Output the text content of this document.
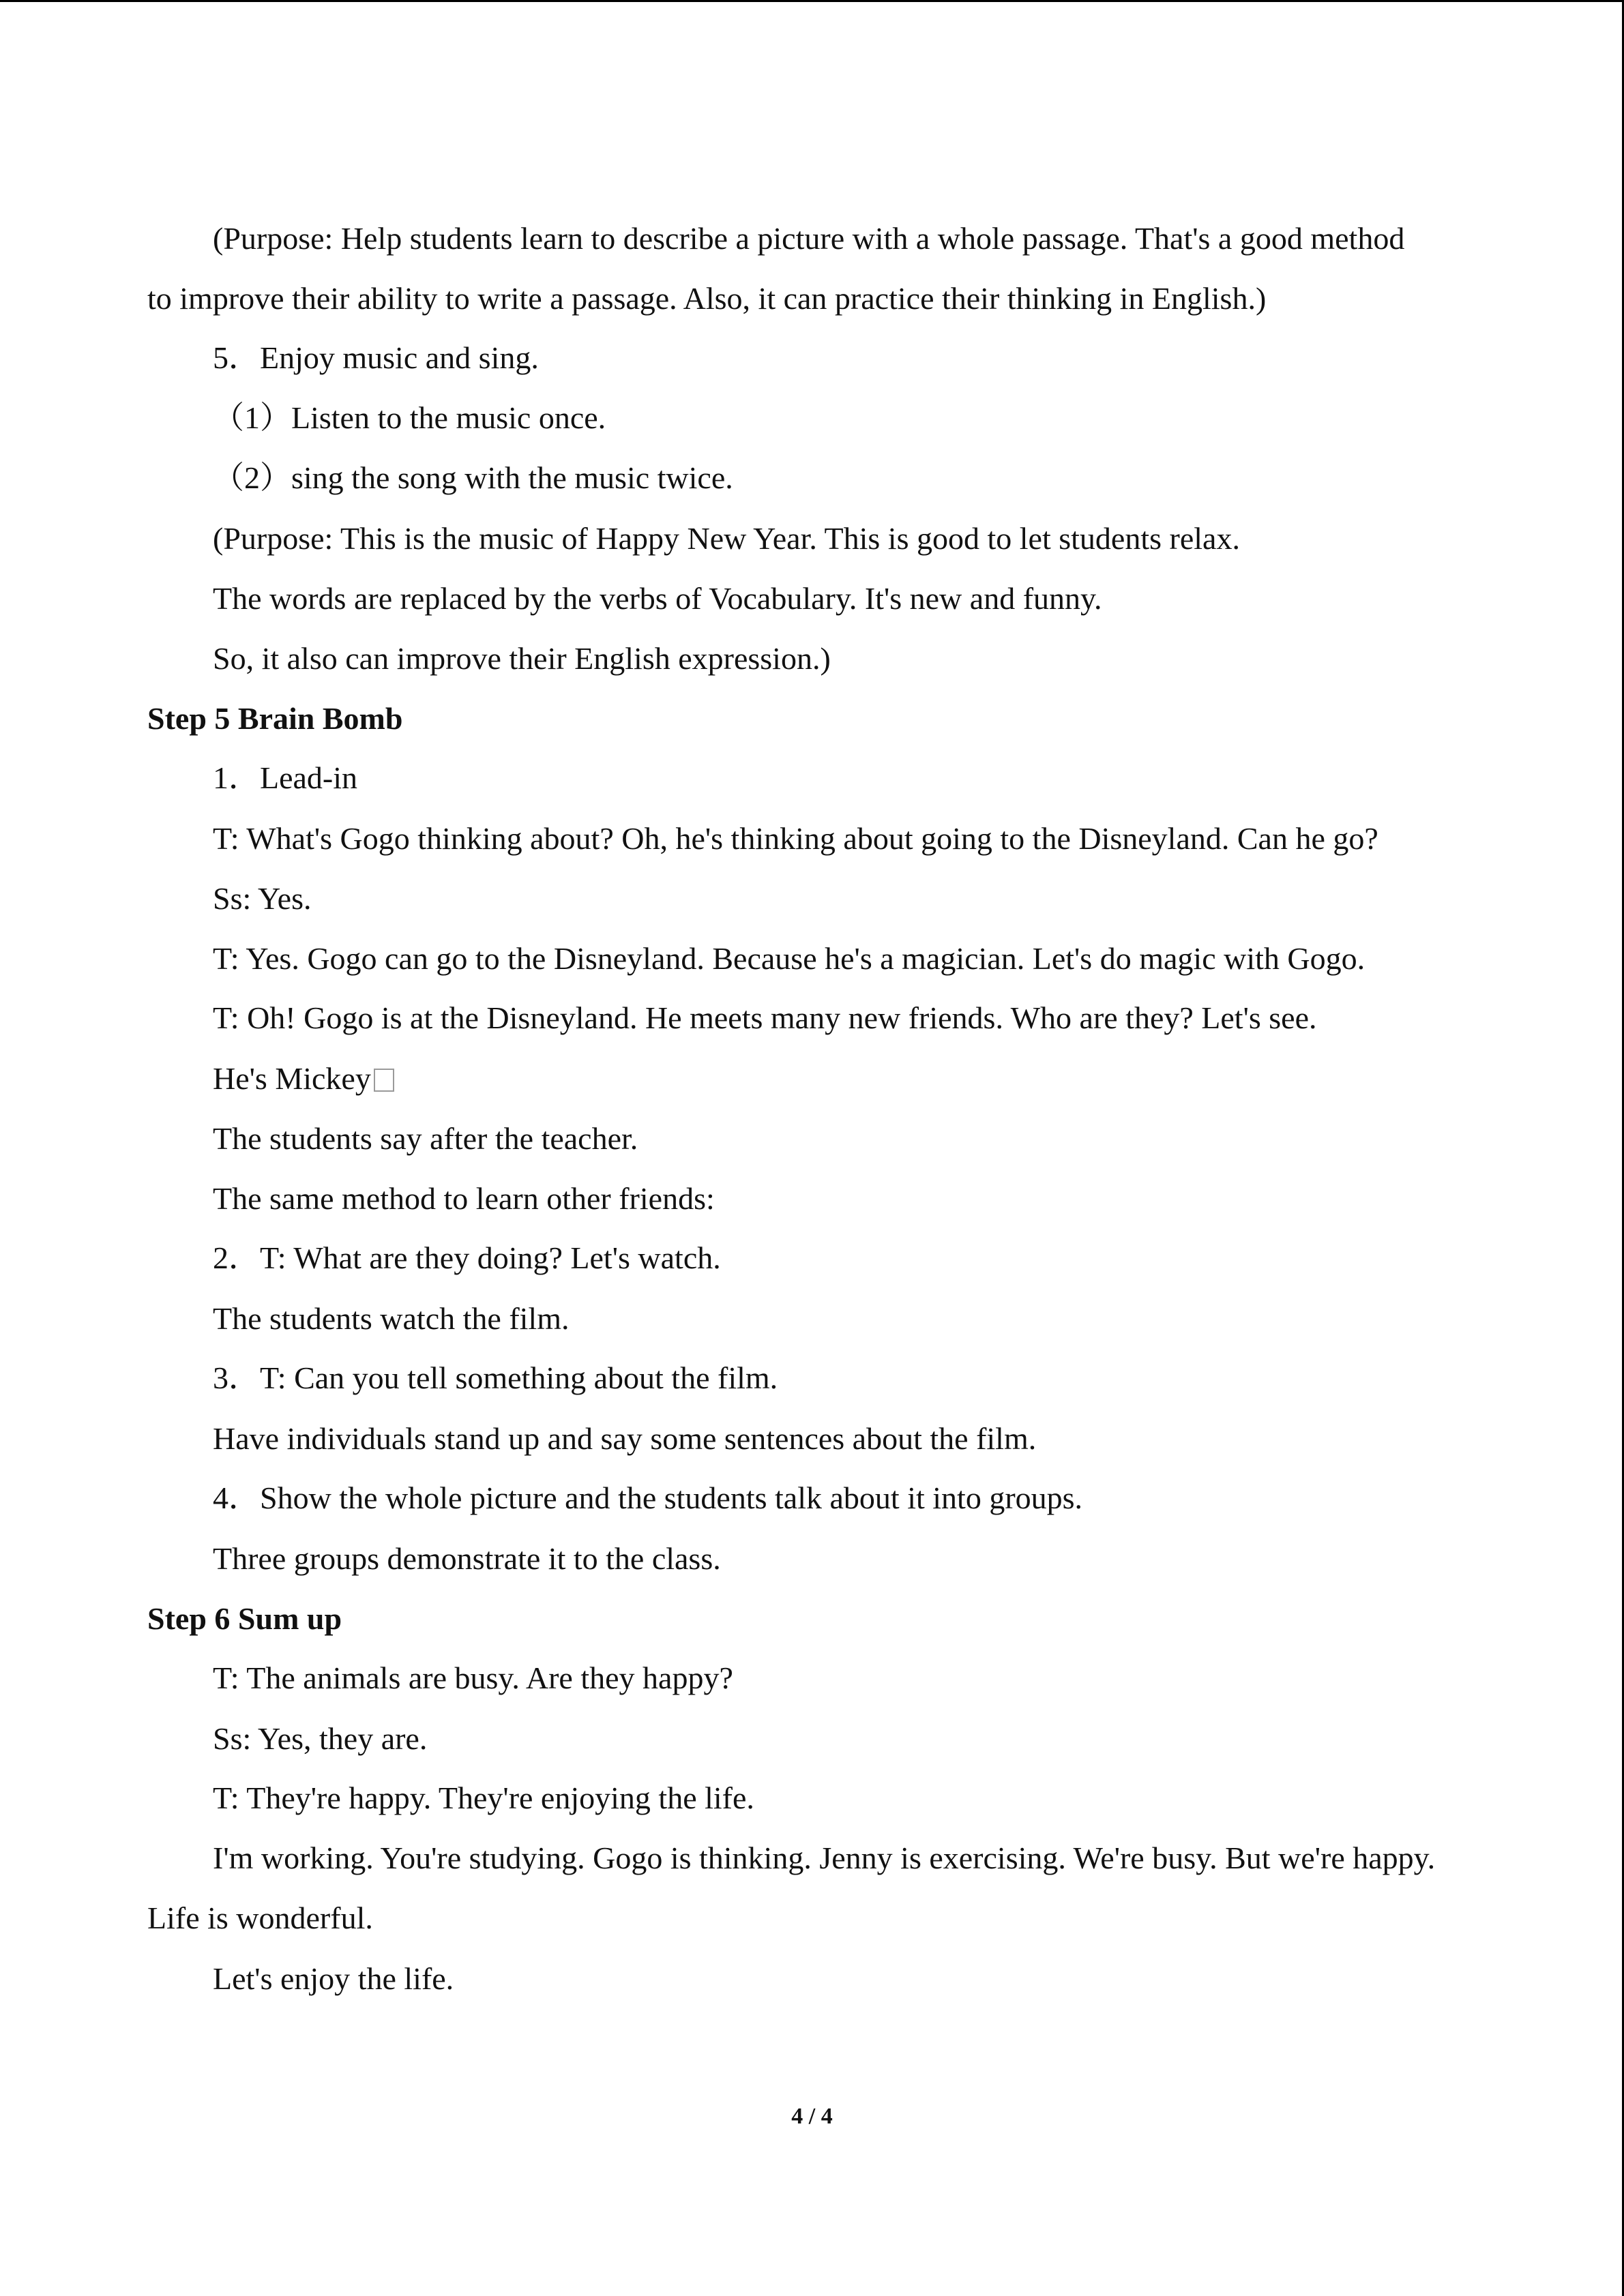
(Purpose: Help students learn to describe a picture with a whole passage. That's a good method
to improve their ability to write a passage. Also, it can practice their thinking in English.)
5．Enjoy music and sing.
（1）Listen to the music once.
（2）sing the song with the music twice.
(Purpose: This is the music of Happy New Year. This is good to let students relax.
The words are replaced by the verbs of Vocabulary. It's new and funny.
So, it also can improve their English expression.)
Step 5 Brain Bomb
1．Lead-in
T: What's Gogo thinking about? Oh, he's thinking about going to the Disneyland. Can he go?
Ss: Yes.
T: Yes. Gogo can go to the Disneyland. Because he's a magician. Let's do magic with Gogo.
T: Oh! Gogo is at the Disneyland. He meets many new friends. Who are they? Let's see.
He's Mickey
The students say after the teacher.
The same method to learn other friends:
2．T: What are they doing? Let's watch.
The students watch the film.
3．T: Can you tell something about the film.
Have individuals stand up and say some sentences about the film.
4．Show the whole picture and the students talk about it into groups.
Three groups demonstrate it to the class.
Step 6 Sum up
T: The animals are busy. Are they happy?
Ss: Yes, they are.
T: They're happy. They're enjoying the life.
I'm working. You're studying. Gogo is thinking. Jenny is exercising. We're busy. But we're happy.
Life is wonderful.
Let's enjoy the life.
4 / 4
